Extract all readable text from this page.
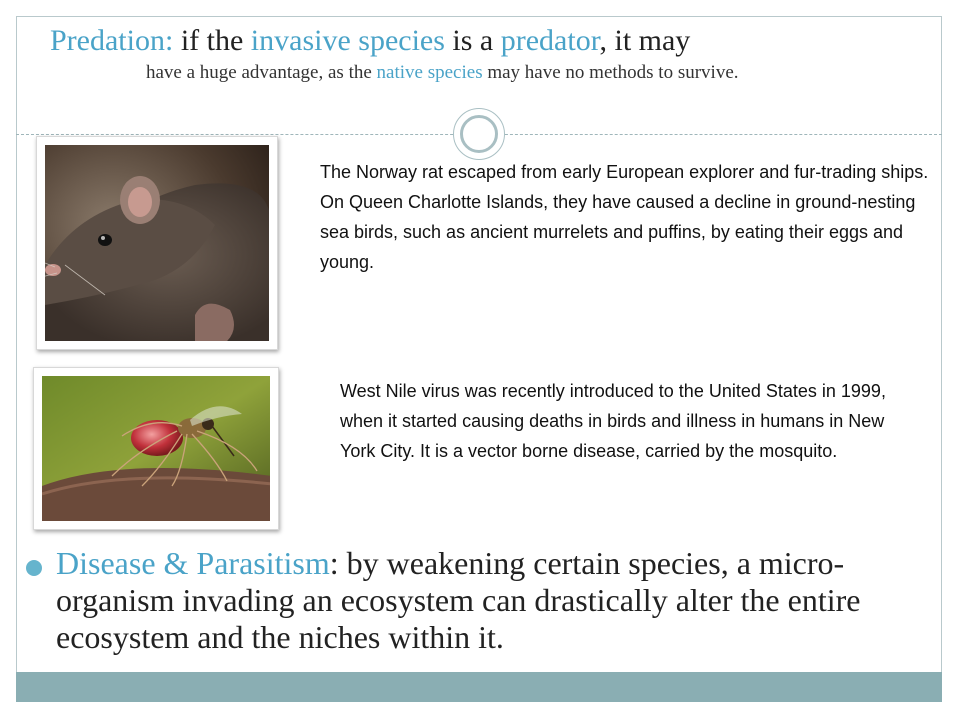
Predation: if the invasive species is a predator, it may

have a huge advantage, as the native species may have no methods to survive.

The Norway rat escaped from early European explorer and fur-trading ships. On Queen Charlotte Islands, they have caused a decline in ground-nesting sea birds, such as ancient murrelets and puffins, by eating their eggs and young.

West Nile virus was recently introduced to the United States in 1999, when it started causing deaths in birds and illness in humans in New York City. It is a vector borne disease, carried by the mosquito.

Disease & Parasitism: by weakening certain species, a micro-organism invading an ecosystem can drastically alter the entire ecosystem and the niches within it.
